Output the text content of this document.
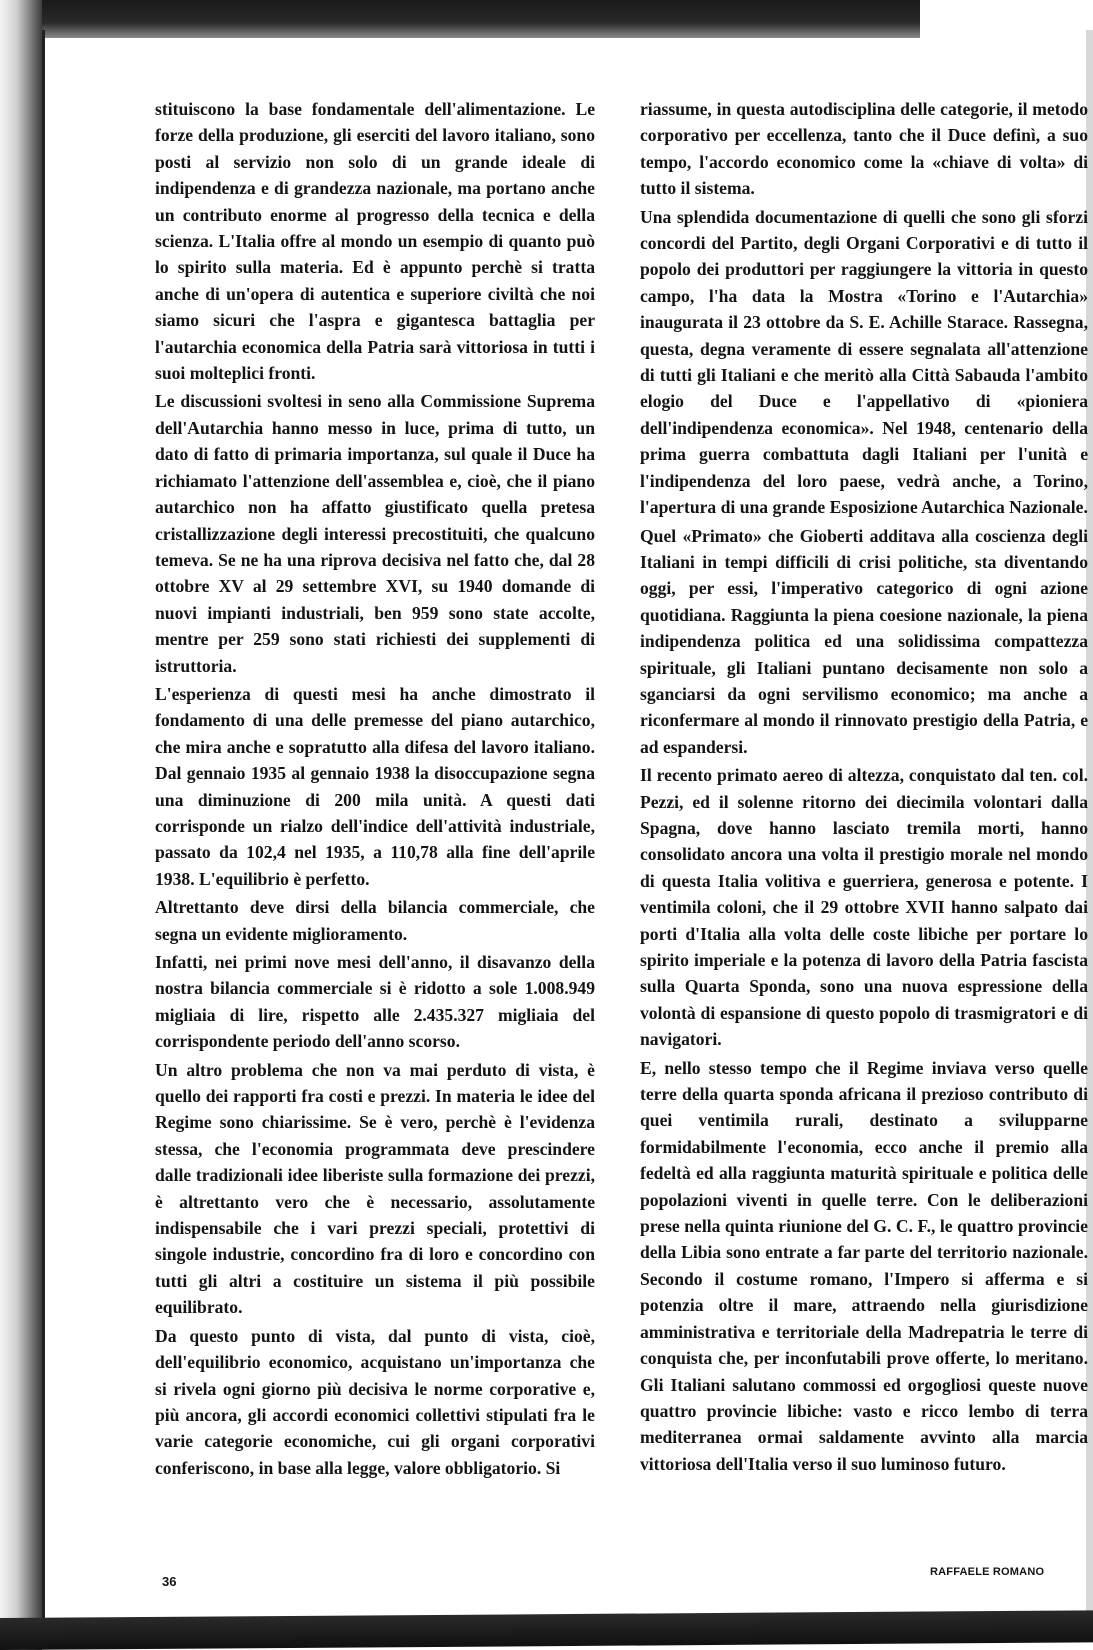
stituiscono la base fondamentale dell'alimentazione. Le forze della produzione, gli eserciti del lavoro italiano, sono posti al servizio non solo di un grande ideale di indipendenza e di grandezza nazionale, ma portano anche un contributo enorme al progresso della tecnica e della scienza. L'Italia offre al mondo un esempio di quanto può lo spirito sulla materia. Ed è appunto perchè si tratta anche di un'opera di autentica e superiore civiltà che noi siamo sicuri che l'aspra e gigantesca battaglia per l'autarchia economica della Patria sarà vittoriosa in tutti i suoi molteplici fronti.

Le discussioni svoltesi in seno alla Commissione Suprema dell'Autarchia hanno messo in luce, prima di tutto, un dato di fatto di primaria importanza, sul quale il Duce ha richiamato l'attenzione dell'assemblea e, cioè, che il piano autarchico non ha affatto giustificato quella pretesa cristallizzazione degli interessi precostituiti, che qualcuno temeva. Se ne ha una riprova decisiva nel fatto che, dal 28 ottobre XV al 29 settembre XVI, su 1940 domande di nuovi impianti industriali, ben 959 sono state accolte, mentre per 259 sono stati richiesti dei supplementi di istruttoria.

L'esperienza di questi mesi ha anche dimostrato il fondamento di una delle premesse del piano autarchico, che mira anche e sopratutto alla difesa del lavoro italiano. Dal gennaio 1935 al gennaio 1938 la disoccupazione segna una diminuzione di 200 mila unità. A questi dati corrisponde un rialzo dell'indice dell'attività industriale, passato da 102,4 nel 1935, a 110,78 alla fine dell'aprile 1938. L'equilibrio è perfetto.

Altrettanto deve dirsi della bilancia commerciale, che segna un evidente miglioramento.

Infatti, nei primi nove mesi dell'anno, il disavanzo della nostra bilancia commerciale si è ridotto a sole 1.008.949 migliaia di lire, rispetto alle 2.435.327 migliaia del corrispondente periodo dell'anno scorso.

Un altro problema che non va mai perduto di vista, è quello dei rapporti fra costi e prezzi. In materia le idee del Regime sono chiarissime. Se è vero, perchè è l'evidenza stessa, che l'economia programmata deve prescindere dalle tradizionali idee liberiste sulla formazione dei prezzi, è altrettanto vero che è necessario, assolutamente indispensabile che i vari prezzi speciali, protettivi di singole industrie, concordino fra di loro e concordino con tutti gli altri a costituire un sistema il più possibile equilibrato.

Da questo punto di vista, dal punto di vista, cioè, dell'equilibrio economico, acquistano un'importanza che si rivela ogni giorno più decisiva le norme corporative e, più ancora, gli accordi economici collettivi stipulati fra le varie categorie economiche, cui gli organi corporativi conferiscono, in base alla legge, valore obbligatorio. Si

riassume, in questa autodisciplina delle categorie, il metodo corporativo per eccellenza, tanto che il Duce definì, a suo tempo, l'accordo economico come la «chiave di volta» di tutto il sistema.

Una splendida documentazione di quelli che sono gli sforzi concordi del Partito, degli Organi Corporativi e di tutto il popolo dei produttori per raggiungere la vittoria in questo campo, l'ha data la Mostra «Torino e l'Autarchia» inaugurata il 23 ottobre da S. E. Achille Starace. Rassegna, questa, degna veramente di essere segnalata all'attenzione di tutti gli Italiani e che meritò alla Città Sabauda l'ambito elogio del Duce e l'appellativo di «pioniera dell'indipendenza economica». Nel 1948, centenario della prima guerra combattuta dagli Italiani per l'unità e l'indipendenza del loro paese, vedrà anche, a Torino, l'apertura di una grande Esposizione Autarchica Nazionale.

Quel «Primato» che Gioberti additava alla coscienza degli Italiani in tempi difficili di crisi politiche, sta diventando oggi, per essi, l'imperativo categorico di ogni azione quotidiana. Raggiunta la piena coesione nazionale, la piena indipendenza politica ed una solidissima compattezza spirituale, gli Italiani puntano decisamente non solo a sganciarsi da ogni servilismo economico; ma anche a riconfermare al mondo il rinnovato prestigio della Patria, e ad espandersi.

Il recento primato aereo di altezza, conquistato dal ten. col. Pezzi, ed il solenne ritorno dei diecimila volontari dalla Spagna, dove hanno lasciato tremila morti, hanno consolidato ancora una volta il prestigio morale nel mondo di questa Italia volitiva e guerriera, generosa e potente. I ventimila coloni, che il 29 ottobre XVII hanno salpato dai porti d'Italia alla volta delle coste libiche per portare lo spirito imperiale e la potenza di lavoro della Patria fascista sulla Quarta Sponda, sono una nuova espressione della volontà di espansione di questo popolo di trasmigratori e di navigatori.

E, nello stesso tempo che il Regime inviava verso quelle terre della quarta sponda africana il prezioso contributo di quei ventimila rurali, destinato a svilupparne formidabilmente l'economia, ecco anche il premio alla fedeltà ed alla raggiunta maturità spirituale e politica delle popolazioni viventi in quelle terre. Con le deliberazioni prese nella quinta riunione del G. C. F., le quattro provincie della Libia sono entrate a far parte del territorio nazionale. Secondo il costume romano, l'Impero si afferma e si potenzia oltre il mare, attraendo nella giurisdizione amministrativa e territoriale della Madrepatria le terre di conquista che, per inconfutabili prove offerte, lo meritano. Gli Italiani salutano commossi ed orgogliosi queste nuove quattro provincie libiche: vasto e ricco lembo di terra mediterranea ormai saldamente avvinto alla marcia vittoriosa dell'Italia verso il suo luminoso futuro.

RAFFAELE ROMANO
36
